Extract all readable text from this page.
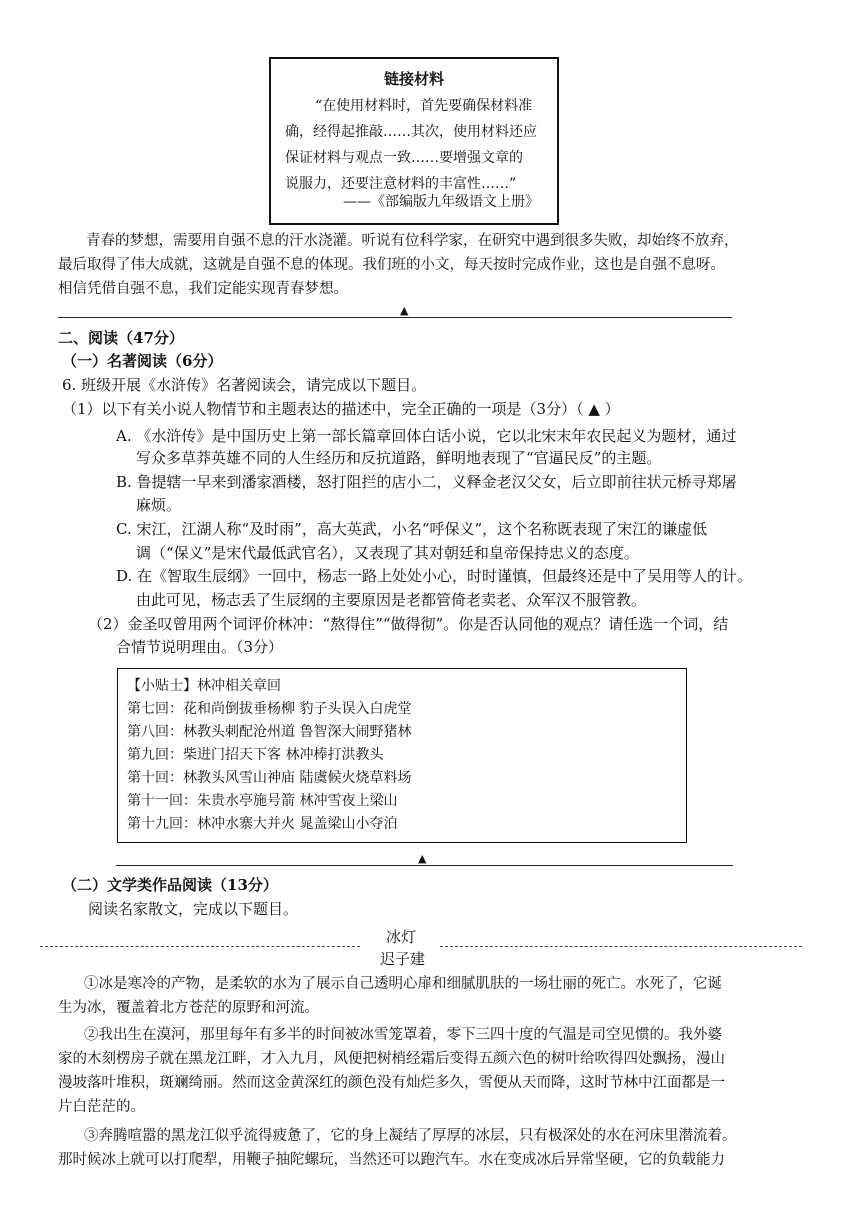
链接材料
“在使用材料时，首先要确保材料准
确，经得起推敲……其次，使用材料还应
保证材料与观点一致……要增强文章的
说服力，还要注意材料的丰富性……”
——《部编版九年级语文上册》
青春的梦想，需要用自强不息的汗水浇灌。听说有位科学家，在研究中遇到很多失败，却始终不放弃，
最后取得了伟大成就，这就是自强不息的体现。我们班的小文，每天按时完成作业，这也是自强不息呀。
相信凭借自强不息，我们定能实现青春梦想。
▲
二、阅读（47分）
（一）名著阅读（6分）
6. 班级开展《水浒传》名著阅读会，请完成以下题目。
（1）以下有关小说人物情节和主题表达的描述中，完全正确的一项是（3分）（ ▲ ）
A. 《水浒传》是中国历史上第一部长篇章回体白话小说，它以北宋末年农民起义为题材，通过
写众多草莽英雄不同的人生经历和反抗道路，鲜明地表现了“官逼民反”的主题。
B. 鲁提辖一早来到潘家酒楼，怒打阻拦的店小二，义释金老汉父女，后立即前往状元桥寻郑屠
麻烦。
C. 宋江，江湖人称“及时雨”，高大英武，小名“呼保义”，这个名称既表现了宋江的谦虚低
调（“保义”是宋代最低武官名），又表现了其对朝廷和皇帝保持忠义的态度。
D. 在《智取生辰纲》一回中，杨志一路上处处小心，时时谨慎，但最终还是中了吴用等人的计。
由此可见，杨志丢了生辰纲的主要原因是老都管倚老卖老、众军汉不服管教。
（2）金圣叹曾用两个词评价林冲：“熬得住”“做得彻”。你是否认同他的观点？请任选一个词，结
合情节说明理由。（3分）
【小贴士】林冲相关章回
第七回：花和尚倒拔垂杨柳 豹子头误入白虎堂
第八回：林教头刺配沧州道 鲁智深大闹野猪林
第九回：柴进门招天下客 林冲棒打洪教头
第十回：林教头风雪山神庙 陆虞候火烧草料场
第十一回：朱贵水亭施号箭 林冲雪夜上梁山
第十九回：林冲水寨大并火 晁盖梁山小夺泊
▲
（二）文学类作品阅读（13分）
阅读名家散文，完成以下题目。
冰灯
迟子建
①冰是寒冷的产物，是柔软的水为了展示自己透明心扉和细腻肌肤的一场壮丽的死亡。水死了，它诞
生为冰，覆盖着北方苍茫的原野和河流。
②我出生在漠河，那里每年有多半的时间被冰雪笼罩着，零下三四十度的气温是司空见惯的。我外婆
家的木刻楞房子就在黑龙江畔，才入九月，风便把树梢经霜后变得五颜六色的树叶给吹得四处飘扬，漫山
漫坡落叶堆积，斑斓绮丽。然而这金黄深红的颜色没有灿烂多久，雪便从天而降，这时节林中江面都是一
片白茫茫的。
③奔腾喧嚣的黑龙江似乎流得疲惫了，它的身上凝结了厚厚的冰层，只有极深处的水在河床里潜流着。
那时候冰上就可以打爬犁，用鞭子抽陀螺玩，当然还可以跑汽车。水在变成冰后异常坚硬，它的负载能力
